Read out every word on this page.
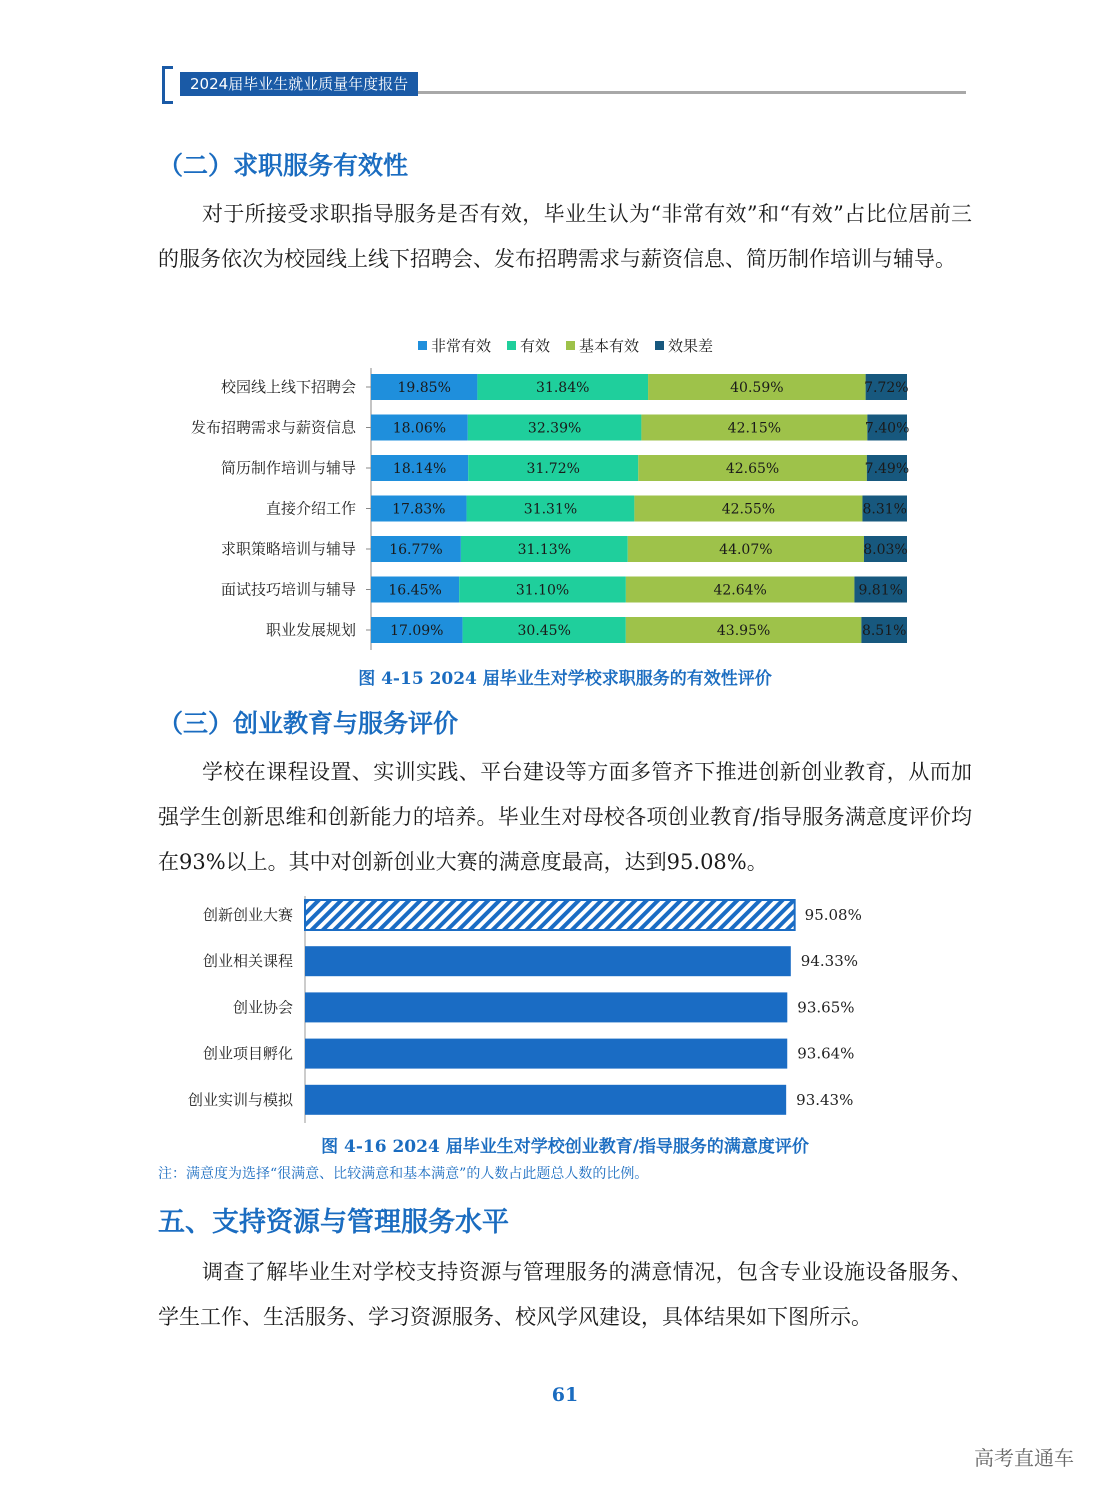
2024届毕业生就业质量年度报告
（二）求职服务有效性
对于所接受求职指导服务是否有效，毕业生认为“非常有效”和“有效”占比位居前三的服务依次为校园线上线下招聘会、发布招聘需求与薪资信息、简历制作培训与辅导。
非常有效 有效 基本有效 效果差
校园线上线下招聘会	19.85%	31.84%	40.59%	7.72%
发布招聘需求与薪资信息	18.06%	32.39%	42.15%	7.40%
简历制作培训与辅导	18.14%	31.72%	42.65%	7.49%
直接介绍工作	17.83%	31.31%	42.55%	8.31%
求职策略培训与辅导 16.77%	31.13%	44.07%	8.03%
面试技巧培训与辅导 16.45%	31.10%	42.64%	9.81%
职业发展规划 17.09%	30.45%	43.95%	8.51%
图 4-15 2024 届毕业生对学校求职服务的有效性评价
（三）创业教育与服务评价
学校在课程设置、实训实践、平台建设等方面多管齐下推进创新创业教育，从而加强学生创新思维和创新能力的培养。毕业生对母校各项创业教育/指导服务满意度评价均在93%以上。其中对创新创业大赛的满意度最高，达到95.08%。
创新创业大赛	95.08%
创业相关课程	94.33%
创业协会	93.65%
创业项目孵化	93.64%
创业实训与模拟	93.43%
图 4-16 2024 届毕业生对学校创业教育/指导服务的满意度评价
注：满意度为选择“很满意、比较满意和基本满意”的人数占此题总人数的比例。
五、支持资源与管理服务水平
调查了解毕业生对学校支持资源与管理服务的满意情况，包含专业设施设备服务、学生工作、生活服务、学习资源服务、校风学风建设，具体结果如下图所示。
61
高考直通车
